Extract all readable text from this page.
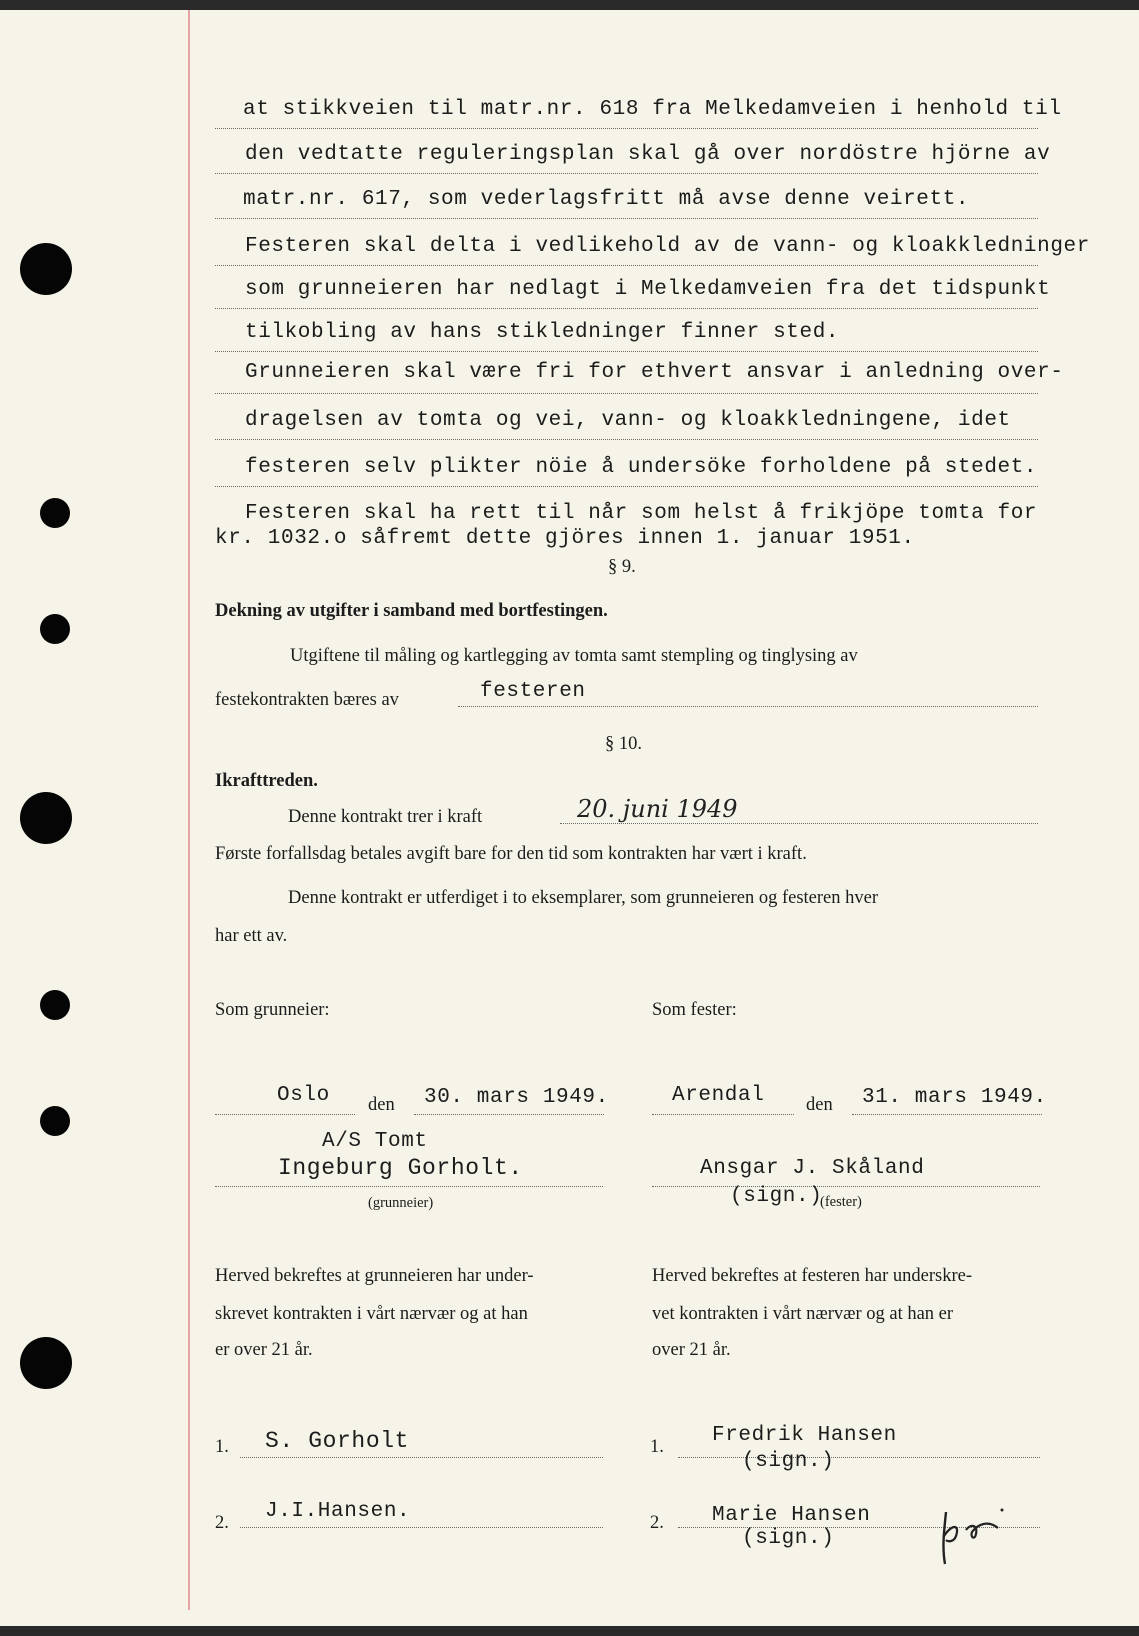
at stikkveien til matr.nr. 618 fra Melkedamveien i henhold til
den vedtatte reguleringsplan skal gå over nordöstre hjörne av
matr.nr. 617, som vederlagsfritt må avse denne veirett.
Festeren skal delta i vedlikehold av de vann- og kloakkledninger
som grunneieren har nedlagt i Melkedamveien fra det tidspunkt
tilkobling av hans stikledninger finner sted.
Grunneieren skal være fri for ethvert ansvar i anledning over-
dragelsen av tomta og vei, vann- og kloakkledningene, idet
festeren selv plikter nöie å undersöke forholdene på stedet.
Festeren skal ha rett til når som helst å frikjöpe tomta for
kr. 1032.o såfremt dette gjöres innen 1. januar 1951.
§ 9.
Dekning av utgifter i samband med bortfestingen.
Utgiftene til måling og kartlegging av tomta samt stempling og tinglysing av
festekontrakten bæres av	festeren
§ 10.
Ikrafttreden.
Denne kontrakt trer i kraft	20. juni 1949
Første forfallsdag betales avgift bare for den tid som kontrakten har vært i kraft.
Denne kontrakt er utferdiget i to eksemplarer, som grunneieren og festeren hver
har ett av.
Som grunneier:	Som fester:
Oslo den 30. mars 1949.	Arendal den 31. mars 1949.
A/S Tomt
Ingeburg Gorholt.
(grunneier)
Ansgar J. Skåland
(sign.)
(fester)
Herved bekreftes at grunneieren har under-
skrevet kontrakten i vårt nærvær og at han
er over 21 år.
Herved bekreftes at festeren har underskre-
vet kontrakten i vårt nærvær og at han er
over 21 år.
1. S. Gorholt	1. Fredrik Hansen
(sign.)
2. J.I.Hansen.	2. Marie Hansen
(sign.)
